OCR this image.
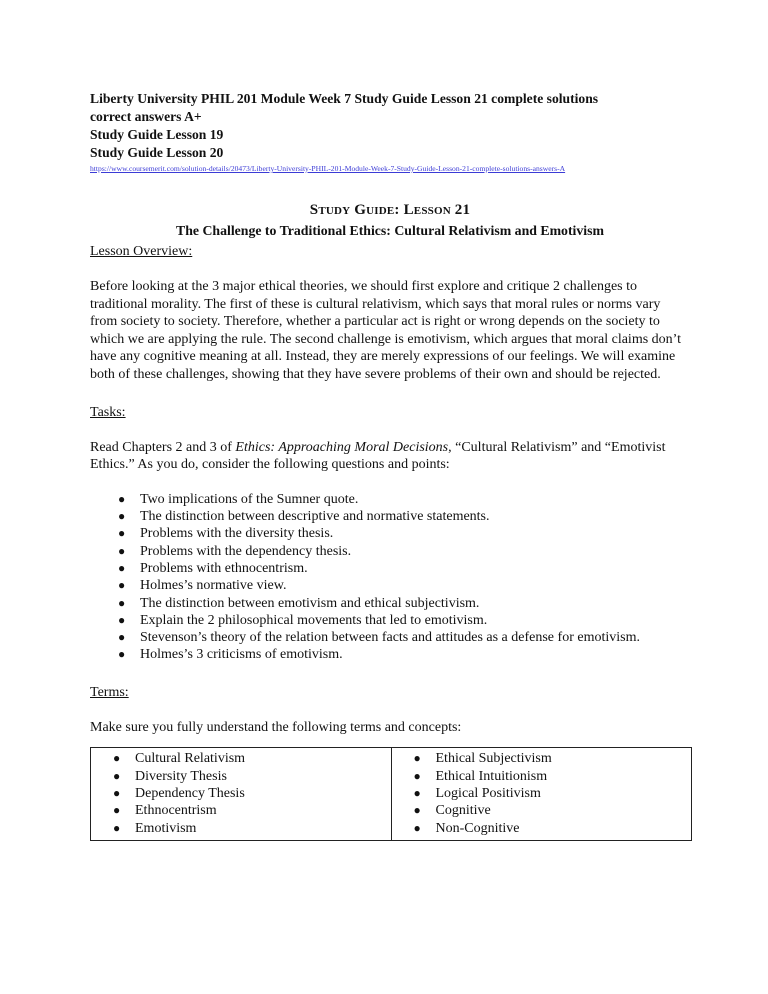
Liberty University PHIL 201 Module Week 7 Study Guide Lesson 21 complete solutions
correct answers A+
Study Guide Lesson 19
Study Guide Lesson 20
https://www.coursemerit.com/solution-details/20473/Liberty-University-PHIL-201-Module-Week-7-Study-Guide-Lesson-21-complete-solutions-answers-A
Study Guide: Lesson 21
The Challenge to Traditional Ethics: Cultural Relativism and Emotivism
Lesson Overview:

Before looking at the 3 major ethical theories, we should first explore and critique 2 challenges to traditional morality. The first of these is cultural relativism, which says that moral rules or norms vary from society to society. Therefore, whether a particular act is right or wrong depends on the society to which we are applying the rule. The second challenge is emotivism, which argues that moral claims don’t have any cognitive meaning at all. Instead, they are merely expressions of our feelings. We will examine both of these challenges, showing that they have severe problems of their own and should be rejected.

Tasks:

Read Chapters 2 and 3 of Ethics: Approaching Moral Decisions, “Cultural Relativism” and “Emotivist Ethics.” As you do, consider the following questions and points:

● Two implications of the Sumner quote.
● The distinction between descriptive and normative statements.
● Problems with the diversity thesis.
● Problems with the dependency thesis.
● Problems with ethnocentrism.
● Holmes’s normative view.
● The distinction between emotivism and ethical subjectivism.
● Explain the 2 philosophical movements that led to emotivism.
● Stevenson’s theory of the relation between facts and attitudes as a defense for emotivism.
● Holmes’s 3 criticisms of emotivism.
Terms:

Make sure you fully understand the following terms and concepts:

● Cultural Relativism
● Diversity Thesis
● Dependency Thesis
● Ethnocentrism
● Emotivism

● Ethical Subjectivism
● Ethical Intuitionism
● Logical Positivism
● Cognitive
● Non-Cognitive
